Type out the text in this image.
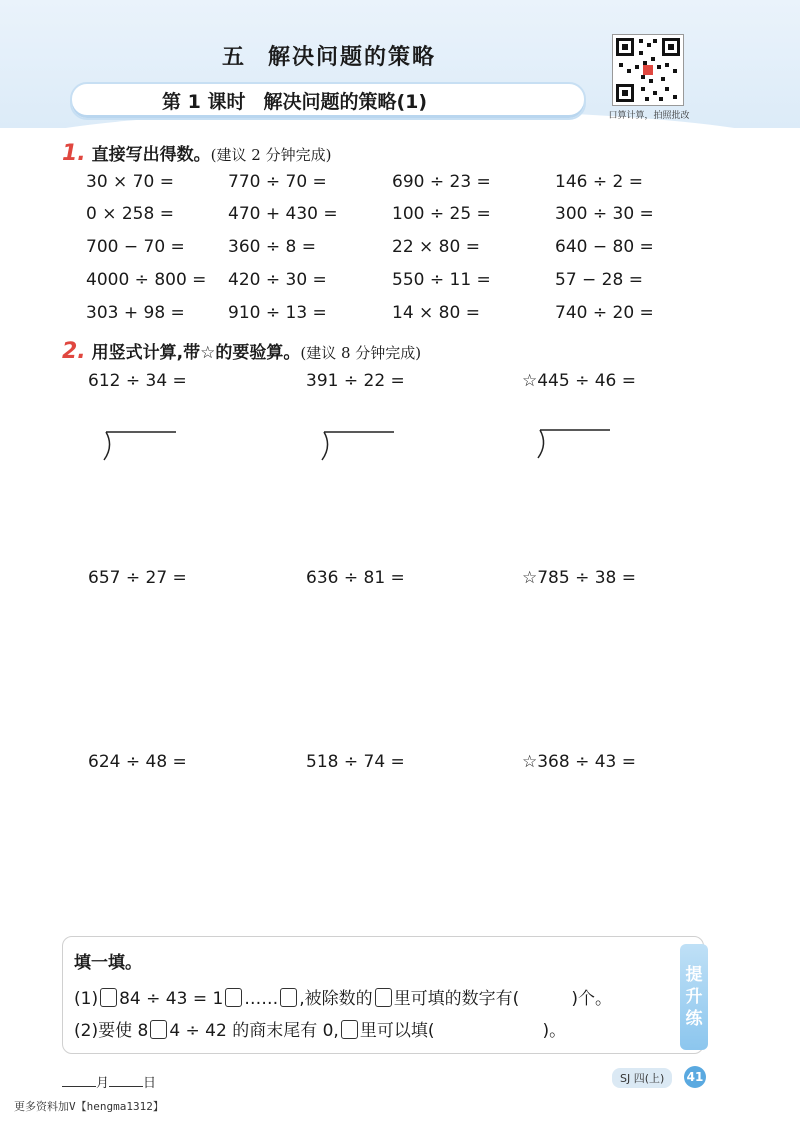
五 解决问题的策略
第 1 课时 解决问题的策略(1)
口算计算，拍照批改
1. 直接写出得数。(建议 2 分钟完成)
30 × 70 =	770 ÷ 70 =	690 ÷ 23 =	146 ÷ 2 =
0 × 258 =	470 + 430 =	100 ÷ 25 =	300 ÷ 30 =
700 − 70 =	360 ÷ 8 =	22 × 80 =	640 − 80 =
4000 ÷ 800 = 420 ÷ 30 =	550 ÷ 11 =	57 − 28 =
303 + 98 =	910 ÷ 13 =	14 × 80 =	740 ÷ 20 =
2. 用竖式计算,带☆的要验算。(建议 8 分钟完成)
612 ÷ 34 =	391 ÷ 22 =	☆445 ÷ 46 =
657 ÷ 27 =	636 ÷ 81 =	☆785 ÷ 38 =
624 ÷ 48 =	518 ÷ 74 =	☆368 ÷ 43 =
填一填。
(1) 84 ÷ 43 = 1 …… ,被除数的 里可填的数字有(	)个。
(2)要使 8 4 ÷ 42 的商末尾有 0, 里可以填(	)。
提
升
练
月	日	SJ 四(上)	41
更多资料加V【hengma1312】
